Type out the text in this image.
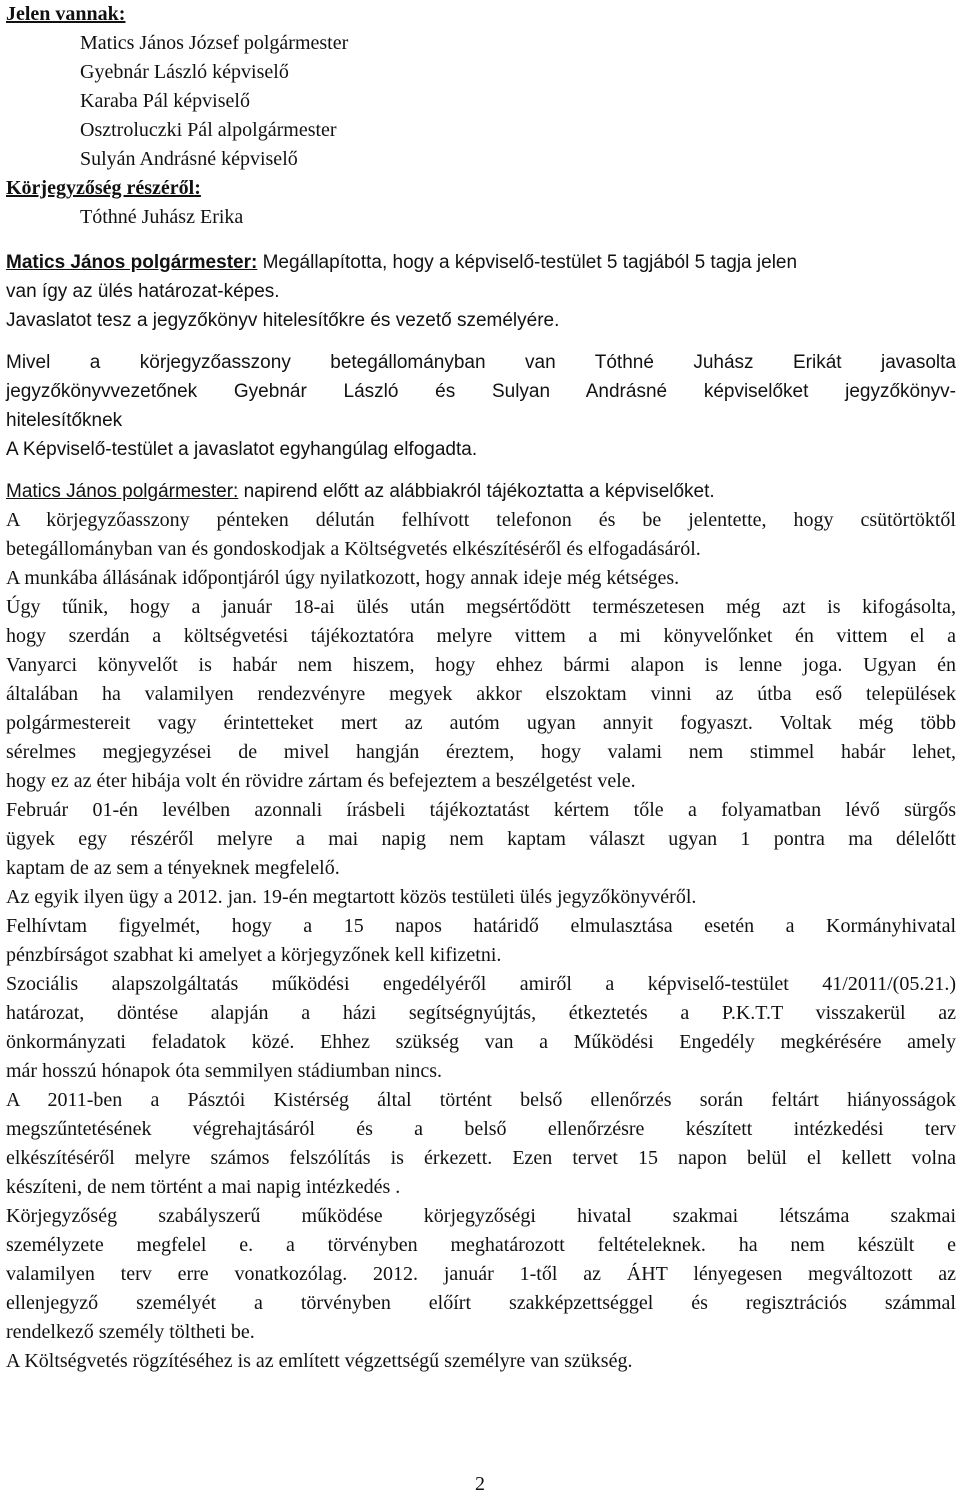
Jelen vannak:
Matics János József polgármester
Gyebnár László képviselő
Karaba Pál képviselő
Osztroluczki Pál alpolgármester
Sulyán Andrásné képviselő
Körjegyzőség részéről:
Tóthné Juhász Erika
Matics János polgármester: Megállapította, hogy a képviselő-testület 5 tagjából 5 tagja jelen
van így az ülés határozat-képes.
Javaslatot tesz a jegyzőkönyv hitelesítőkre és vezető személyére.
Mivel a körjegyzőasszony betegállományban van Tóthné Juhász Erikát javasolta
jegyzőkönyvvezetőnek Gyebnár László és Sulyan Andrásné képviselőket jegyzőkönyv-
hitelesítőknek
A Képviselő-testület a javaslatot egyhangúlag elfogadta.
Matics János polgármester: napirend előtt az alábbiakról tájékoztatta a képviselőket.
A körjegyzőasszony pénteken délután felhívott telefonon és be jelentette, hogy csütörtöktől
betegállományban van és gondoskodjak a Költségvetés elkészítéséről és elfogadásáról.
A munkába állásának időpontjáról úgy nyilatkozott, hogy annak ideje még kétséges.
Úgy tűnik, hogy a január 18-ai ülés után megsértődött természetesen még azt is kifogásolta,
hogy szerdán a költségvetési tájékoztatóra melyre vittem a mi könyvelőnket én vittem el a
Vanyarci könyvelőt is habár nem hiszem, hogy ehhez bármi alapon is lenne joga. Ugyan én
általában ha valamilyen rendezvényre megyek akkor elszoktam vinni az útba eső települések
polgármestereit vagy érintetteket mert az autóm ugyan annyit fogyaszt. Voltak még több
sérelmes megjegyzései de mivel hangján éreztem, hogy valami nem stimmel habár lehet,
hogy ez az éter hibája volt én rövidre zártam és befejeztem a beszélgetést vele.
Február 01-én levélben azonnali írásbeli tájékoztatást kértem tőle a folyamatban lévő sürgős
ügyek egy részéről melyre a mai napig nem kaptam választ ugyan 1 pontra ma délelőtt
kaptam de az sem a tényeknek megfelelő.
Az egyik ilyen ügy a 2012. jan. 19-én megtartott közös testületi ülés jegyzőkönyvéről.
Felhívtam figyelmét, hogy a 15 napos határidő elmulasztása esetén a Kormányhivatal
pénzbírságot szabhat ki amelyet a körjegyzőnek kell kifizetni.
Szociális alapszolgáltatás működési engedélyéről amiről a képviselő-testület 41/2011/(05.21.)
határozat, döntése alapján a házi segítségnyújtás, étkeztetés a P.K.T.T visszakerül az
önkormányzati feladatok közé. Ehhez szükség van a Működési Engedély megkérésére amely
már hosszú hónapok óta semmilyen stádiumban nincs.
A 2011-ben a Pásztói Kistérség által történt belső ellenőrzés során feltárt hiányosságok
megszűntetésének végrehajtásáról és a belső ellenőrzésre készített intézkedési terv
elkészítéséről melyre számos felszólítás is érkezett. Ezen tervet 15 napon belül el kellett volna
készíteni, de nem történt a mai napig intézkedés .
Körjegyzőség szabályszerű működése körjegyzőségi hivatal szakmai létszáma szakmai
személyzete megfelel e. a törvényben meghatározott feltételeknek. ha nem készült e
valamilyen terv erre vonatkozólag. 2012. január 1-től az ÁHT lényegesen megváltozott az
ellenjegyző személyét a törvényben előírt szakképzettséggel és regisztrációs számmal
rendelkező személy töltheti be.
A Költségvetés rögzítéséhez is az említett végzettségű személyre van szükség.
2
